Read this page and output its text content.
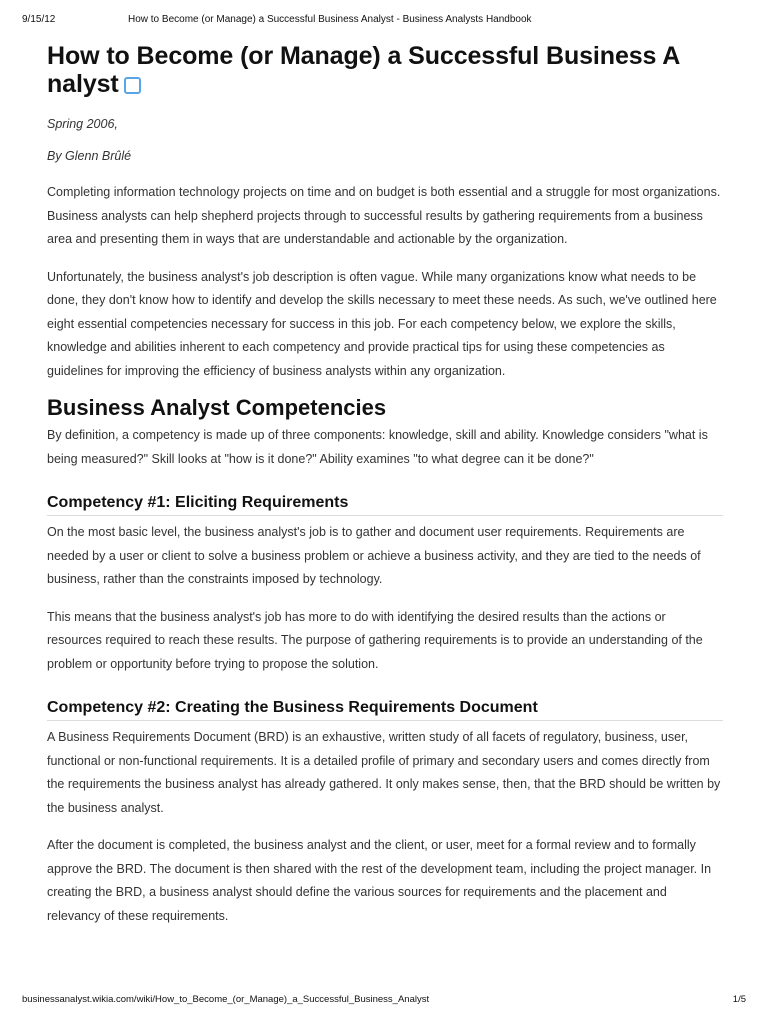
9/15/12	How to Become (or Manage) a Successful Business Analyst - Business Analysts Handbook
How to Become (or Manage) a Successful Business A nalyst

Spring 2006,

By Glenn Brûlé

Completing information technology projects on time and on budget is both essential and a struggle for most organizations. Business analysts can help shepherd projects through to successful results by gathering requirements from a business area and presenting them in ways that are understandable and actionable by the organization.

Unfortunately, the business analyst's job description is often vague. While many organizations know what needs to be done, they don't know how to identify and develop the skills necessary to meet these needs. As such, we've outlined here eight essential competencies necessary for success in this job. For each competency below, we explore the skills, knowledge and abilities inherent to each competency and provide practical tips for using these competencies as guidelines for improving the efficiency of business analysts within any organization.

Business Analyst Competencies

By definition, a competency is made up of three components: knowledge, skill and ability. Knowledge considers "what is being measured?" Skill looks at "how is it done?" Ability examines "to what degree can it be done?"

Competency #1: Eliciting Requirements

On the most basic level, the business analyst's job is to gather and document user requirements. Requirements are needed by a user or client to solve a business problem or achieve a business activity, and they are tied to the needs of business, rather than the constraints imposed by technology.

This means that the business analyst's job has more to do with identifying the desired results than the actions or resources required to reach these results. The purpose of gathering requirements is to provide an understanding of the problem or opportunity before trying to propose the solution.

Competency #2: Creating the Business Requirements Document

A Business Requirements Document (BRD) is an exhaustive, written study of all facets of regulatory, business, user, functional or non-functional requirements. It is a detailed profile of primary and secondary users and comes directly from the requirements the business analyst has already gathered. It only makes sense, then, that the BRD should be written by the business analyst.

After the document is completed, the business analyst and the client, or user, meet for a formal review and to formally approve the BRD. The document is then shared with the rest of the development team, including the project manager. In creating the BRD, a business analyst should define the various sources for requirements and the placement and relevancy of these requirements.

businessanalyst.wikia.com/wiki/How_to_Become_(or_Manage)_a_Successful_Business_Analyst	1/5
